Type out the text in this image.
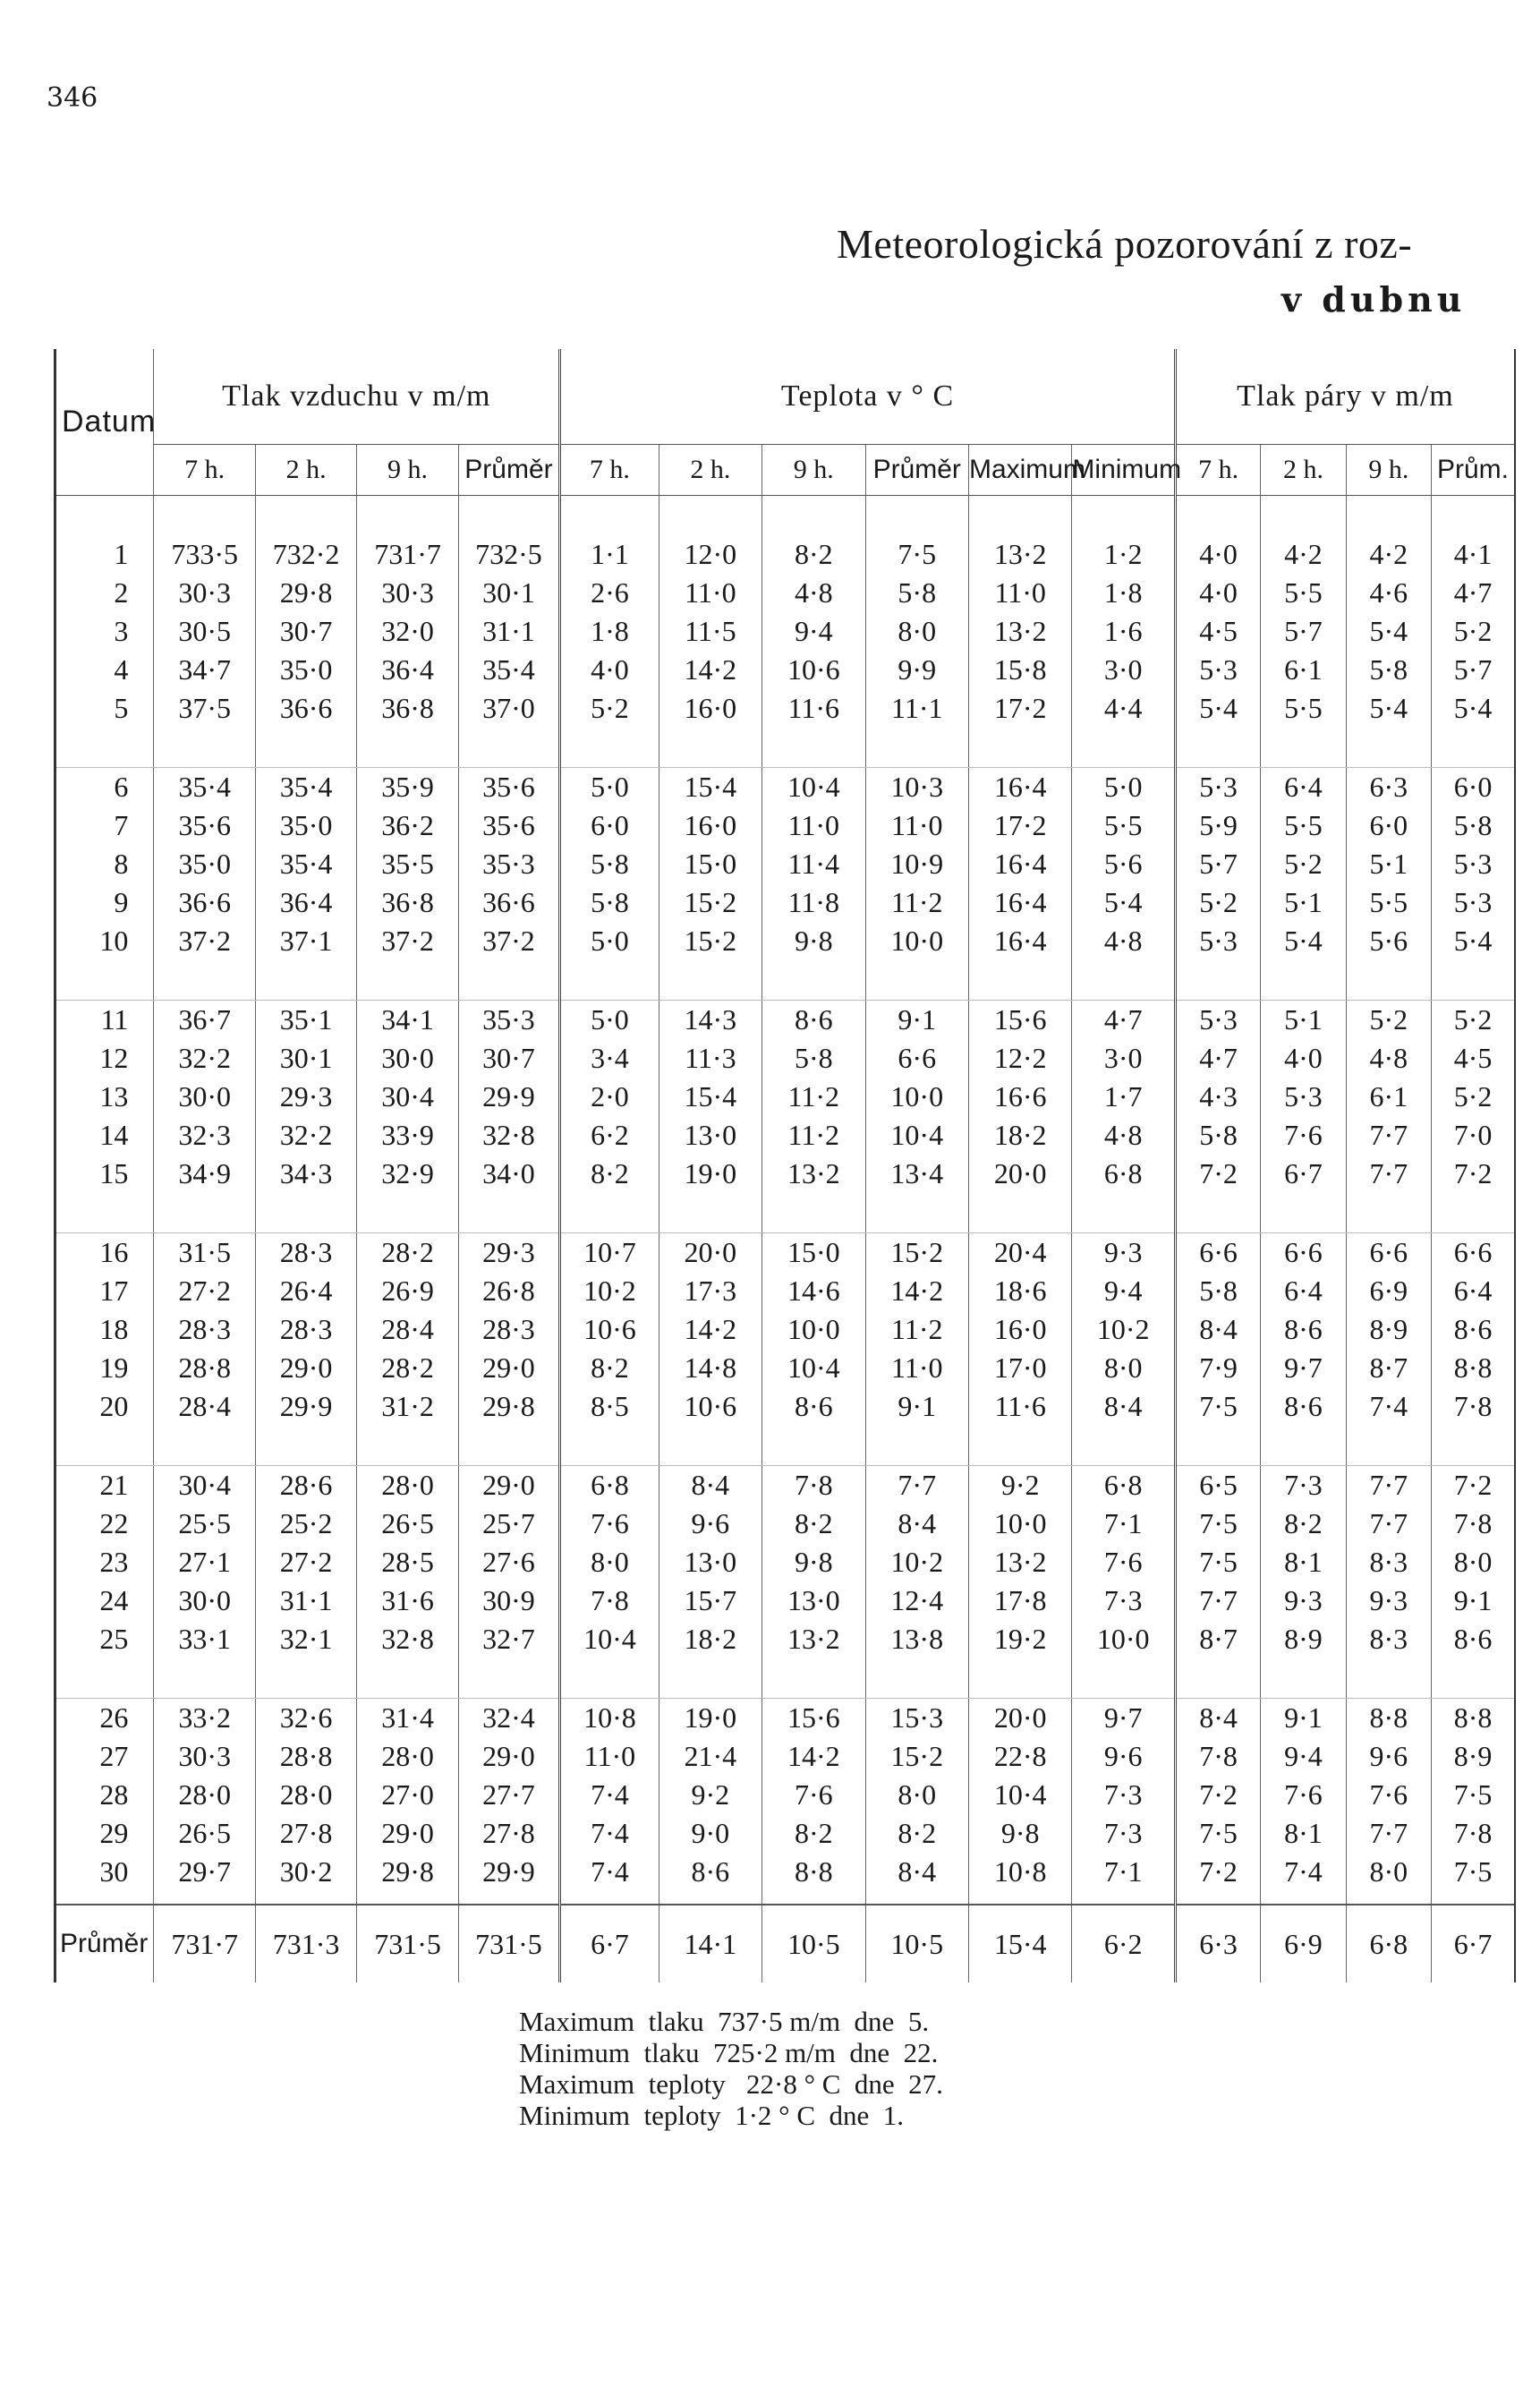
346
Meteorologická pozorování z roz-
v dubnu
Datum	Tlak vzduchu v m/m				Teplota v ° C						Tlak páry v m/m			
	7 h.	2 h.	9 h.	Průměr	7 h.	2 h.	9 h.	Průměr	Maximum	Minimum	7 h.	2 h.	9 h.	Prům.
1	733·5	732·2	731·7	732·5	1·1	12·0	8·2	7·5	13·2	1·2	4·0	4·2	4·2	4·1
2	30·3	29·8	30·3	30·1	2·6	11·0	4·8	5·8	11·0	1·8	4·0	5·5	4·6	4·7
3	30·5	30·7	32·0	31·1	1·8	11·5	9·4	8·0	13·2	1·6	4·5	5·7	5·4	5·2
4	34·7	35·0	36·4	35·4	4·0	14·2	10·6	9·9	15·8	3·0	5·3	6·1	5·8	5·7
5	37·5	36·6	36·8	37·0	5·2	16·0	11·6	11·1	17·2	4·4	5·4	5·5	5·4	5·4
6	35·4	35·4	35·9	35·6	5·0	15·4	10·4	10·3	16·4	5·0	5·3	6·4	6·3	6·0
7	35·6	35·0	36·2	35·6	6·0	16·0	11·0	11·0	17·2	5·5	5·9	5·5	6·0	5·8
8	35·0	35·4	35·5	35·3	5·8	15·0	11·4	10·9	16·4	5·6	5·7	5·2	5·1	5·3
9	36·6	36·4	36·8	36·6	5·8	15·2	11·8	11·2	16·4	5·4	5·2	5·1	5·5	5·3
10	37·2	37·1	37·2	37·2	5·0	15·2	9·8	10·0	16·4	4·8	5·3	5·4	5·6	5·4
11	36·7	35·1	34·1	35·3	5·0	14·3	8·6	9·1	15·6	4·7	5·3	5·1	5·2	5·2
12	32·2	30·1	30·0	30·7	3·4	11·3	5·8	6·6	12·2	3·0	4·7	4·0	4·8	4·5
13	30·0	29·3	30·4	29·9	2·0	15·4	11·2	10·0	16·6	1·7	4·3	5·3	6·1	5·2
14	32·3	32·2	33·9	32·8	6·2	13·0	11·2	10·4	18·2	4·8	5·8	7·6	7·7	7·0
15	34·9	34·3	32·9	34·0	8·2	19·0	13·2	13·4	20·0	6·8	7·2	6·7	7·7	7·2
16	31·5	28·3	28·2	29·3	10·7	20·0	15·0	15·2	20·4	9·3	6·6	6·6	6·6	6·6
17	27·2	26·4	26·9	26·8	10·2	17·3	14·6	14·2	18·6	9·4	5·8	6·4	6·9	6·4
18	28·3	28·3	28·4	28·3	10·6	14·2	10·0	11·2	16·0	10·2	8·4	8·6	8·9	8·6
19	28·8	29·0	28·2	29·0	8·2	14·8	10·4	11·0	17·0	8·0	7·9	9·7	8·7	8·8
20	28·4	29·9	31·2	29·8	8·5	10·6	8·6	9·1	11·6	8·4	7·5	8·6	7·4	7·8
21	30·4	28·6	28·0	29·0	6·8	8·4	7·8	7·7	9·2	6·8	6·5	7·3	7·7	7·2
22	25·5	25·2	26·5	25·7	7·6	9·6	8·2	8·4	10·0	7·1	7·5	8·2	7·7	7·8
23	27·1	27·2	28·5	27·6	8·0	13·0	9·8	10·2	13·2	7·6	7·5	8·1	8·3	8·0
24	30·0	31·1	31·6	30·9	7·8	15·7	13·0	12·4	17·8	7·3	7·7	9·3	9·3	9·1
25	33·1	32·1	32·8	32·7	10·4	18·2	13·2	13·8	19·2	10·0	8·7	8·9	8·3	8·6
26	33·2	32·6	31·4	32·4	10·8	19·0	15·6	15·3	20·0	9·7	8·4	9·1	8·8	8·8
27	30·3	28·8	28·0	29·0	11·0	21·4	14·2	15·2	22·8	9·6	7·8	9·4	9·6	8·9
28	28·0	28·0	27·0	27·7	7·4	9·2	7·6	8·0	10·4	7·3	7·2	7·6	7·6	7·5
29	26·5	27·8	29·0	27·8	7·4	9·0	8·2	8·2	9·8	7·3	7·5	8·1	7·7	7·8
30	29·7	30·2	29·8	29·9	7·4	8·6	8·8	8·4	10·8	7·1	7·2	7·4	8·0	7·5
Průměr	731·7	731·3	731·5	731·5	6·7	14·1	10·5	10·5	15·4	6·2	6·3	6·9	6·8	6·7
Maximum  tlaku  737·5 m/m  dne  5.
Minimum  tlaku  725·2 m/m  dne  22.
Maximum  teploty   22·8 ° C  dne  27.
Minimum  teploty  1·2 ° C  dne  1.
